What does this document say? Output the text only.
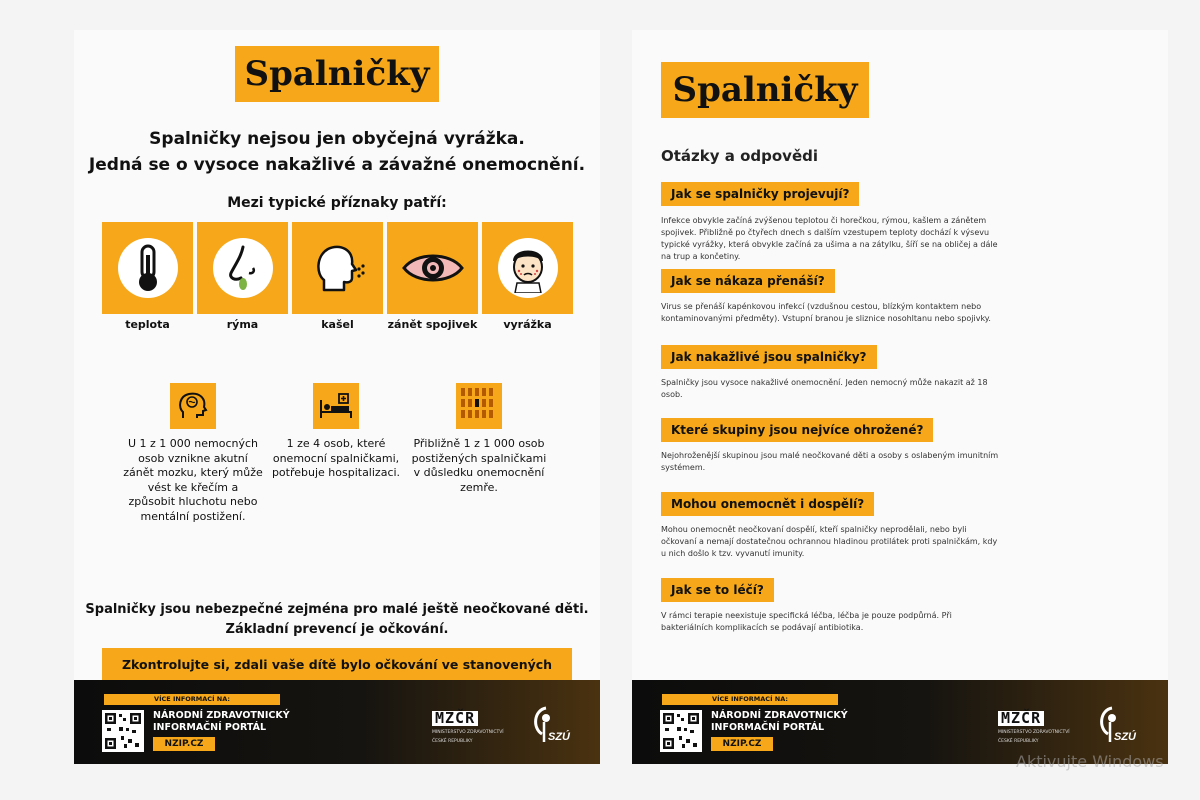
Spalničky
Spalničky nejsou jen obyčejná vyrážka.
Jedná se o vysoce nakažlivé a závažné onemocnění.
Mezi typické příznaky patří:
teplota	rýma	kašel	zánět spojivek	vyrážka
U 1 z 1 000 nemocných osob vznikne akutní zánět mozku, který může vést ke křečím a způsobit hluchotu nebo mentální postižení.
1 ze 4 osob, které onemocní spalničkami, potřebuje hospitalizaci.
Přibližně 1 z 1 000 osob postižených spalničkami v důsledku onemocnění zemře.
Spalničky jsou nebezpečné zejména pro malé ještě neočkované děti.
Základní prevencí je očkování.
Zkontrolujte si, zdali vaše dítě bylo očkování ve stanovených
VÍCE INFORMACÍ NA:
NÁRODNÍ ZDRAVOTNICKÝ
INFORMAČNÍ PORTÁL
NZIP.CZ
MZČR
MINISTERSTVO ZDRAVOTNICTVÍ
ČESKÉ REPUBLIKY	SZÚ
Spalničky
Otázky a odpovědi
Jak se spalničky projevují?
Infekce obvykle začíná zvýšenou teplotou či horečkou, rýmou, kašlem a zánětem spojivek. Přibližně po čtyřech dnech s dalším vzestupem teploty dochází k výsevu typické vyrážky, která obvykle začíná za ušima a na zátylku, šíří se na obličej a dále na trup a končetiny.
Jak se nákaza přenáší?
Virus se přenáší kapénkovou infekcí (vzdušnou cestou, blízkým kontaktem nebo kontaminovanými předměty). Vstupní branou je sliznice nosohltanu nebo spojivky.
Jak nakažlivé jsou spalničky?
Spalničky jsou vysoce nakažlivé onemocnění. Jeden nemocný může nakazit až 18 osob.
Které skupiny jsou nejvíce ohrožené?
Nejohroženější skupinou jsou malé neočkované děti a osoby s oslabeným imunitním systémem.
Mohou onemocnět i dospělí?
Mohou onemocnět neočkovaní dospělí, kteří spalničky neprodělali, nebo byli očkovaní a nemají dostatečnou ochrannou hladinou protilátek proti spalničkám, kdy u nich došlo k tzv. vyvanutí imunity.
Jak se to léčí?
V rámci terapie neexistuje specifická léčba, léčba je pouze podpůrná. Při bakteriálních komplikacích se podávají antibiotika.
VÍCE INFORMACÍ NA:
NÁRODNÍ ZDRAVOTNICKÝ
INFORMAČNÍ PORTÁL
NZIP.CZ
MZČR
MINISTERSTVO ZDRAVOTNICTVÍ
ČESKÉ REPUBLIKY	SZÚ
Aktivujte Windows
